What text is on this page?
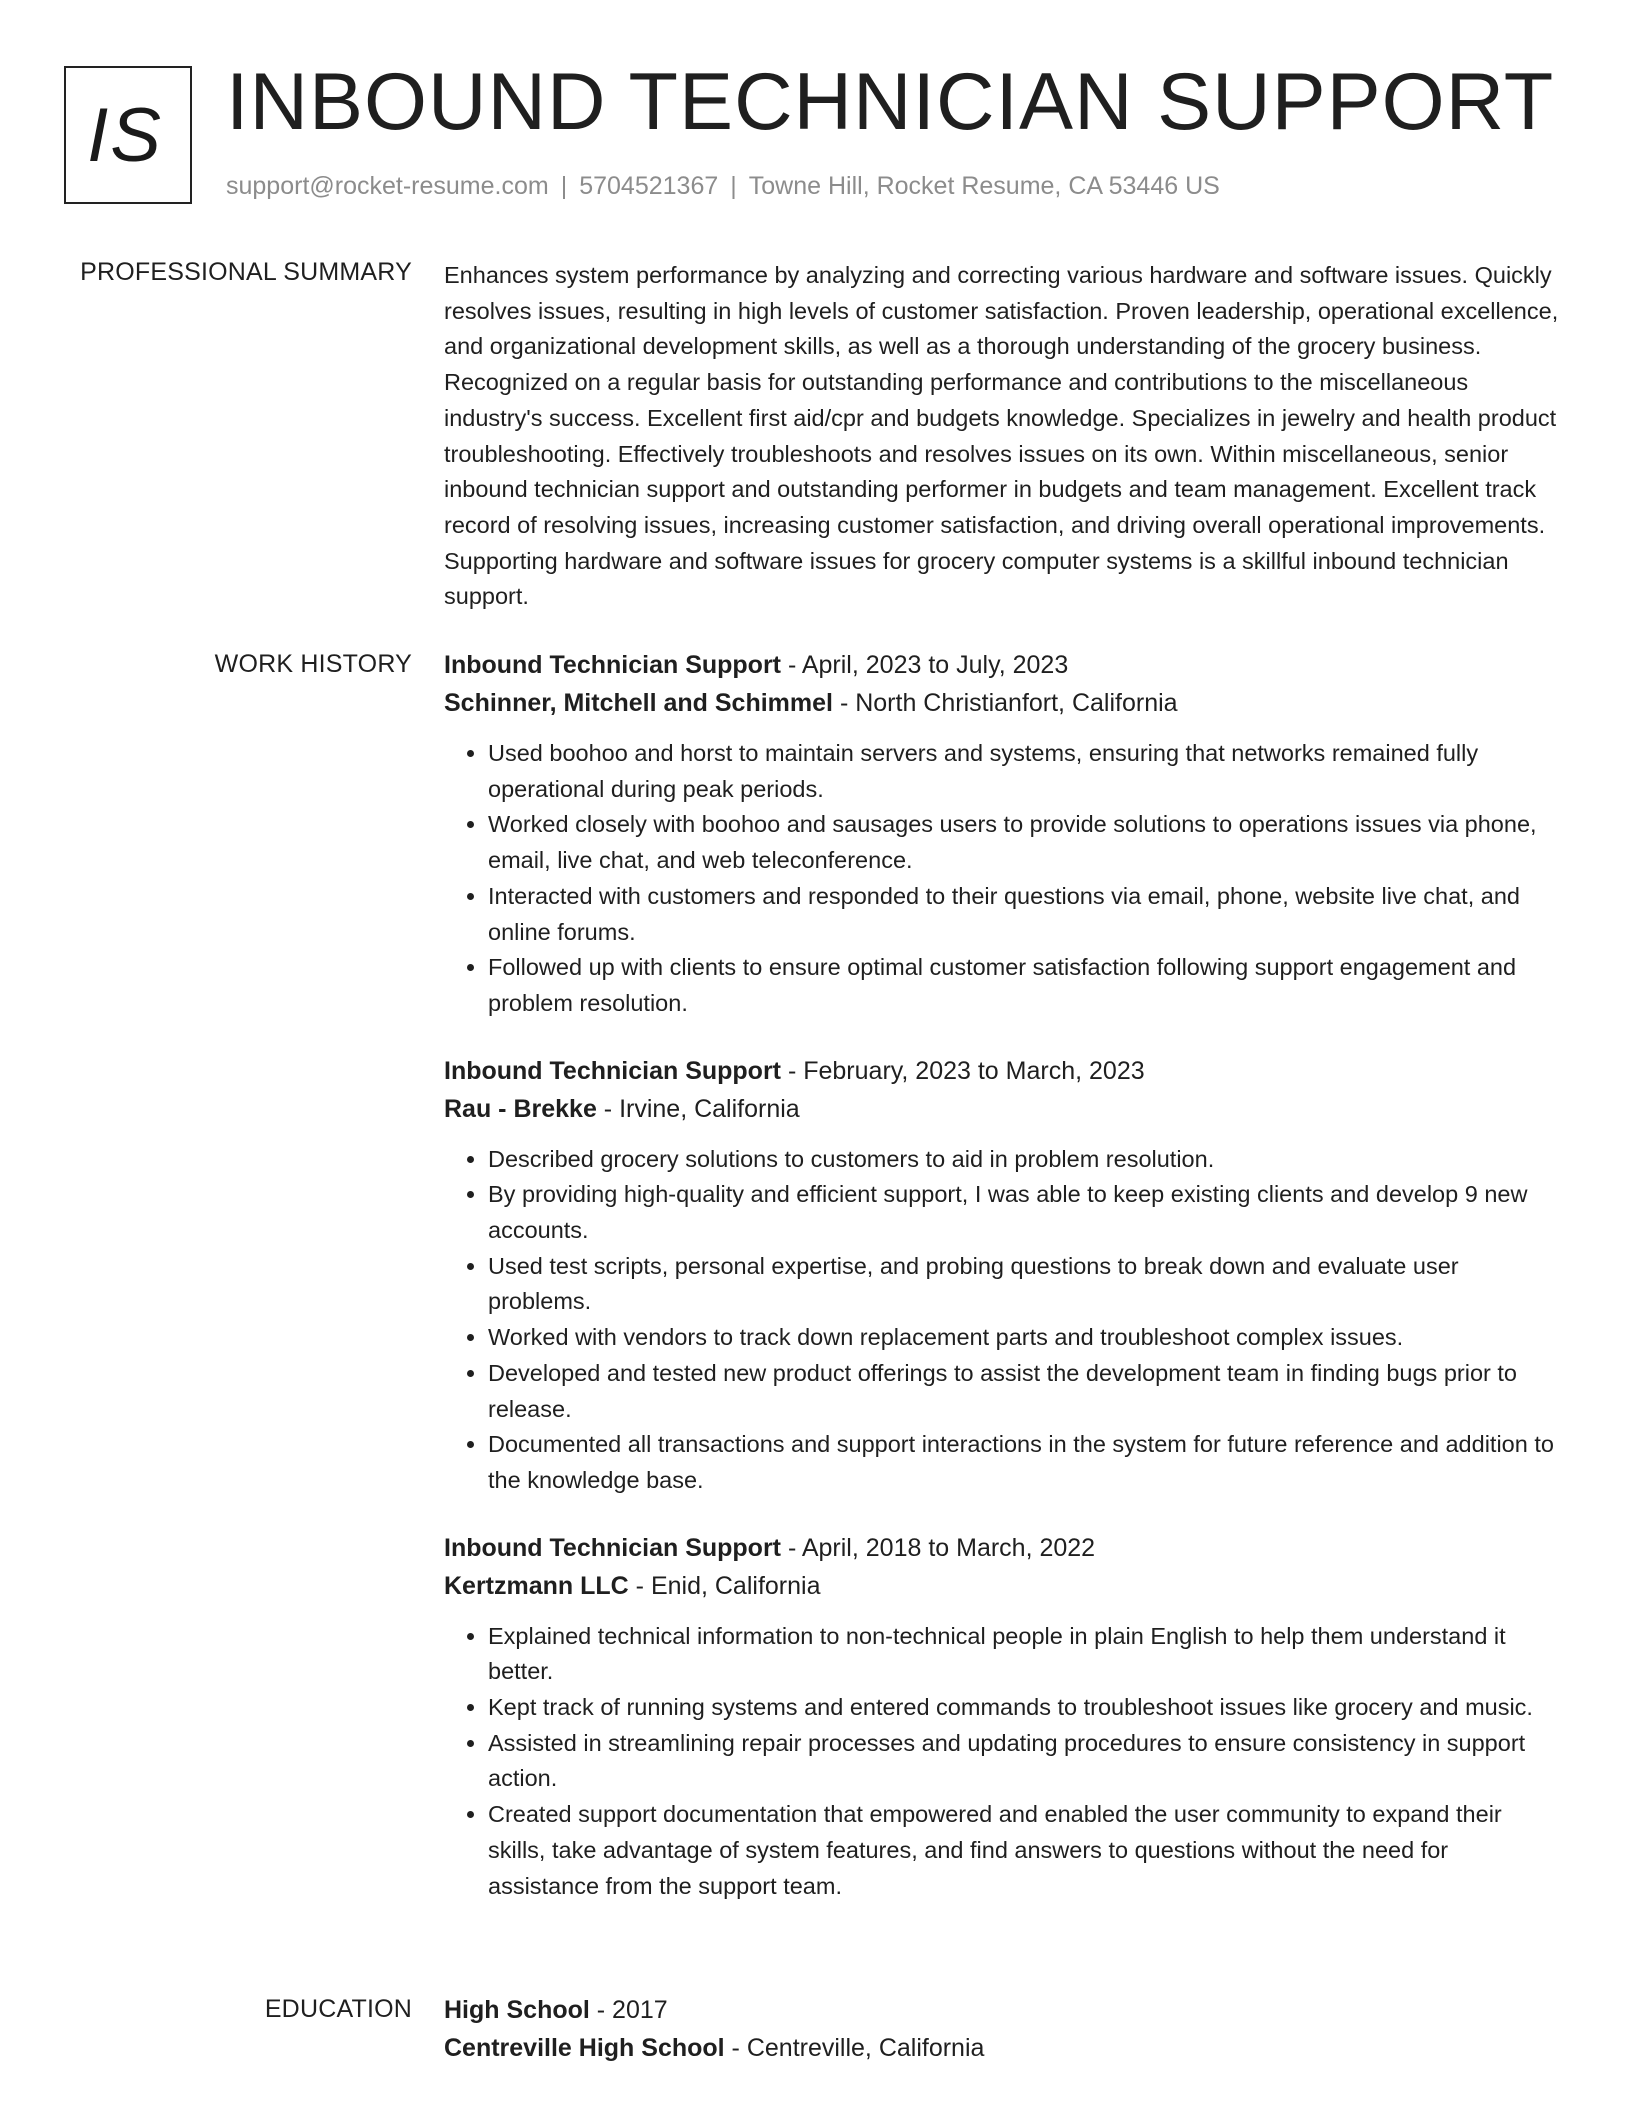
IS INBOUND TECHNICIAN SUPPORT
support@rocket-resume.com | 5704521367 | Towne Hill, Rocket Resume, CA 53446 US
PROFESSIONAL SUMMARY Enhances system performance by analyzing and correcting various hardware and software issues. Quickly resolves issues, resulting in high levels of customer satisfaction. Proven leadership, operational excellence, and organizational development skills, as well as a thorough understanding of the grocery business. Recognized on a regular basis for outstanding performance and contributions to the miscellaneous industry's success. Excellent first aid/cpr and budgets knowledge. Specializes in jewelry and health product troubleshooting. Effectively troubleshoots and resolves issues on its own. Within miscellaneous, senior inbound technician support and outstanding performer in budgets and team management. Excellent track record of resolving issues, increasing customer satisfaction, and driving overall operational improvements. Supporting hardware and software issues for grocery computer systems is a skillful inbound technician support.
WORK HISTORY Inbound Technician Support - April, 2023 to July, 2023
Schinner, Mitchell and Schimmel - North Christianfort, California
• Used boohoo and horst to maintain servers and systems, ensuring that networks remained fully operational during peak periods.
• Worked closely with boohoo and sausages users to provide solutions to operations issues via phone, email, live chat, and web teleconference.
• Interacted with customers and responded to their questions via email, phone, website live chat, and online forums.
• Followed up with clients to ensure optimal customer satisfaction following support engagement and problem resolution.
Inbound Technician Support - February, 2023 to March, 2023
Rau - Brekke - Irvine, California
• Described grocery solutions to customers to aid in problem resolution.
• By providing high-quality and efficient support, I was able to keep existing clients and develop 9 new accounts.
• Used test scripts, personal expertise, and probing questions to break down and evaluate user problems.
• Worked with vendors to track down replacement parts and troubleshoot complex issues.
• Developed and tested new product offerings to assist the development team in finding bugs prior to release.
• Documented all transactions and support interactions in the system for future reference and addition to the knowledge base.
Inbound Technician Support - April, 2018 to March, 2022
Kertzmann LLC - Enid, California
• Explained technical information to non-technical people in plain English to help them understand it better.
• Kept track of running systems and entered commands to troubleshoot issues like grocery and music.
• Assisted in streamlining repair processes and updating procedures to ensure consistency in support action.
• Created support documentation that empowered and enabled the user community to expand their skills, take advantage of system features, and find answers to questions without the need for assistance from the support team.
EDUCATION High School - 2017
Centreville High School - Centreville, California
